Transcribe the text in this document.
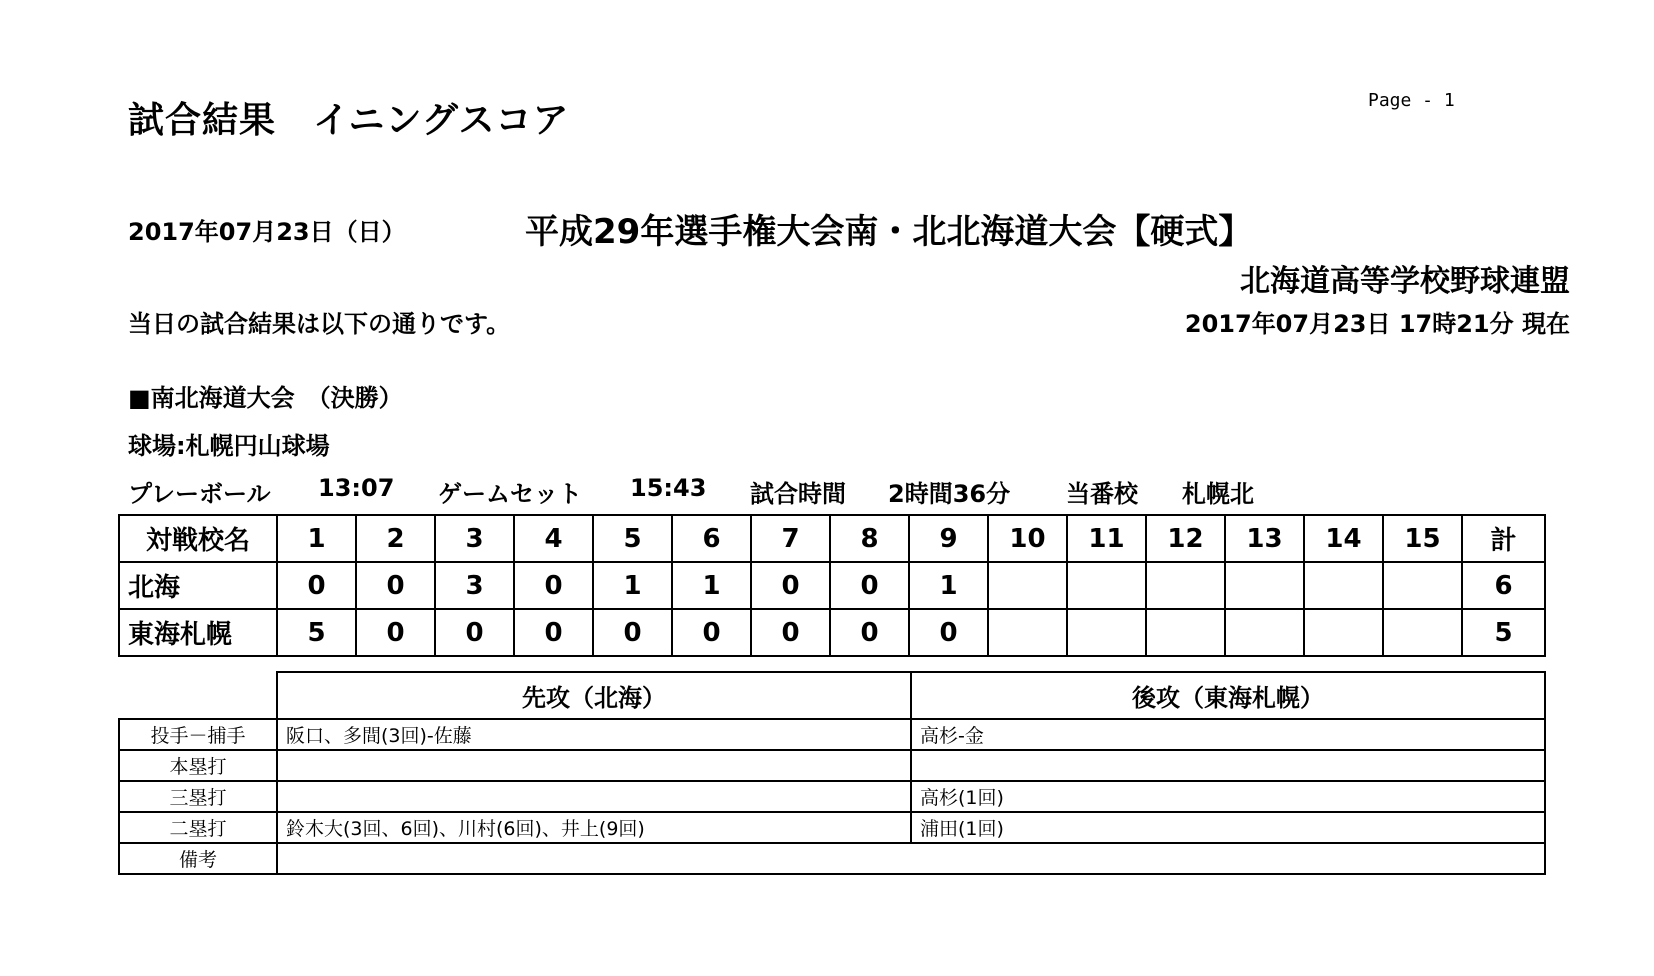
試合結果　イニングスコア	Page - 1
2017年07月23日（日）	平成29年選手権大会南・北北海道大会【硬式】
北海道高等学校野球連盟
当日の試合結果は以下の通りです。	2017年07月23日 17時21分 現在
■南北海道大会　（決勝）
球場:札幌円山球場
プレーボール	13:07	ゲームセット	15:43	試合時間	2時間36分	当番校	札幌北
対戦校名	1	2	3	4	5	6	7	8	9	10	11	12	13	14	15	計
北海	0	0	3	0	1	1	0	0	1							6
東海札幌	5	0	0	0	0	0	0	0	0							5
	先攻（北海）	後攻（東海札幌）
投手－捕手	阪口、多間(3回)-佐藤	高杉-金
本塁打		
三塁打		高杉(1回)
二塁打	鈴木大(3回、6回)、川村(6回)、井上(9回)	浦田(1回)
備考		
